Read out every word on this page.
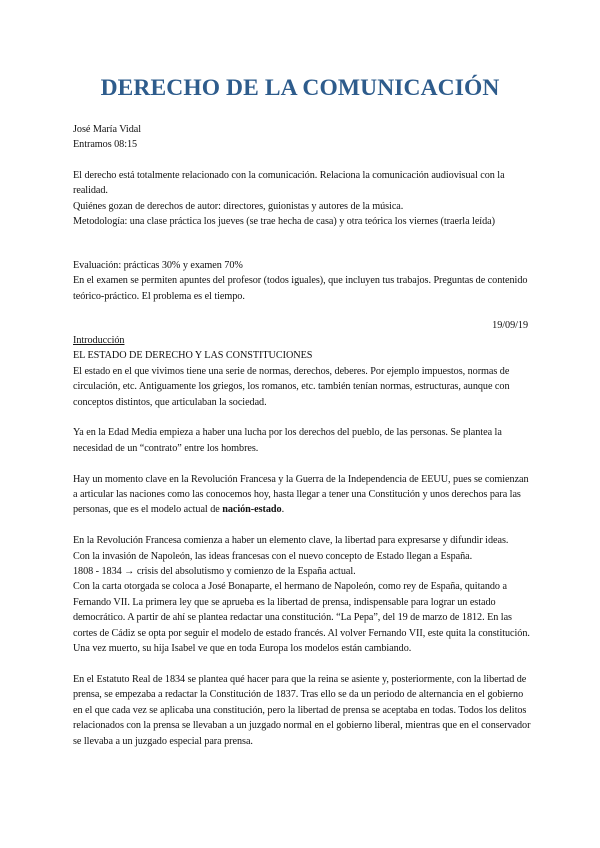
DERECHO DE LA COMUNICACIÓN

José María Vidal

Entramos 08:15

El derecho está totalmente relacionado con la comunicación. Relaciona la comunicación audiovisual con la realidad.

Quiénes gozan de derechos de autor: directores, guionistas y autores de la música.

Metodología: una clase práctica los jueves (se trae hecha de casa) y otra teórica los viernes (traerla leída)

Evaluación: prácticas 30% y examen 70%

En el examen se permiten apuntes del profesor (todos iguales), que incluyen tus trabajos. Preguntas de contenido teórico-práctico. El problema es el tiempo.

19/09/19

Introducción

EL ESTADO DE DERECHO Y LAS CONSTITUCIONES

El estado en el que vivimos tiene una serie de normas, derechos, deberes. Por ejemplo impuestos, normas de circulación, etc. Antiguamente los griegos, los romanos, etc. también tenían normas, estructuras, aunque con conceptos distintos, que articulaban la sociedad.

Ya en la Edad Media empieza a haber una lucha por los derechos del pueblo, de las personas. Se plantea la necesidad de un “contrato” entre los hombres.

Hay un momento clave en la Revolución Francesa y la Guerra de la Independencia de EEUU, pues se comienzan a articular las naciones como las conocemos hoy, hasta llegar a tener una Constitución y unos derechos para las personas, que es el modelo actual de nación-estado.

En la Revolución Francesa comienza a haber un elemento clave, la libertad para expresarse y difundir ideas.

Con la invasión de Napoleón, las ideas francesas con el nuevo concepto de Estado llegan a España.

1808 - 1834 → crisis del absolutismo y comienzo de la España actual.

Con la carta otorgada se coloca a José Bonaparte, el hermano de Napoleón, como rey de España, quitando a Fernando VII. La primera ley que se aprueba es la libertad de prensa, indispensable para lograr un estado democrático. A partir de ahí se plantea redactar una constitución. “La Pepa”, del 19 de marzo de 1812. En las cortes de Cádiz se opta por seguir el modelo de estado francés. Al volver Fernando VII, este quita la constitución. Una vez muerto, su hija Isabel ve que en toda Europa los modelos están cambiando.

En el Estatuto Real de 1834 se plantea qué hacer para que la reina se asiente y, posteriormente, con la libertad de prensa, se empezaba a redactar la Constitución de 1837. Tras ello se da un periodo de alternancia en el gobierno en el que cada vez se aplicaba una constitución, pero la libertad de prensa se aceptaba en todas. Todos los delitos relacionados con la prensa se llevaban a un juzgado normal en el gobierno liberal, mientras que en el conservador se llevaba a un juzgado especial para prensa.
